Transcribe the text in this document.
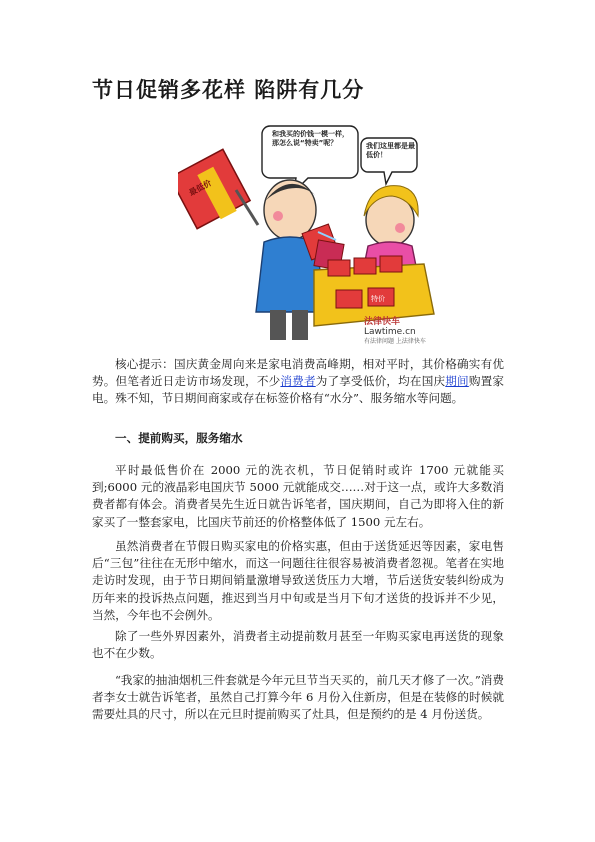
节日促销多花样 陷阱有几分
最低价
和我买的价钱一模一样，那怎么说“特卖”呢？	我们这里都是最低价！
特价
法律快车
Lawtime.cn
有法律问题 上法律快车

核心提示：国庆黄金周向来是家电消费高峰期，相对平时，其价格确实有优势。但笔者近日走访市场发现，不少消费者为了享受低价，均在国庆期间购置家电。殊不知，节日期间商家或存在标签价格有“水分”、服务缩水等问题。

一、提前购买，服务缩水

平时最低售价在 2000 元的洗衣机，节日促销时或许 1700 元就能买到;6000 元的液晶彩电国庆节 5000 元就能成交……对于这一点，或许大多数消费者都有体会。消费者吴先生近日就告诉笔者，国庆期间，自己为即将入住的新家买了一整套家电，比国庆节前还的价格整体低了 1500 元左右。

虽然消费者在节假日购买家电的价格实惠，但由于送货延迟等因素，家电售后“三包”往往在无形中缩水，而这一问题往往很容易被消费者忽视。笔者在实地走访时发现，由于节日期间销量激增导致送货压力大增，节后送货安装纠纷成为历年来的投诉热点问题，推迟到当月中旬或是当月下旬才送货的投诉并不少见，当然，今年也不会例外。

除了一些外界因素外，消费者主动提前数月甚至一年购买家电再送货的现象也不在少数。

“我家的抽油烟机三件套就是今年元旦节当天买的，前几天才修了一次。”消费者李女士就告诉笔者，虽然自己打算今年 6 月份入住新房，但是在装修的时候就需要灶具的尺寸，所以在元旦时提前购买了灶具，但是预约的是 4 月份送货。
